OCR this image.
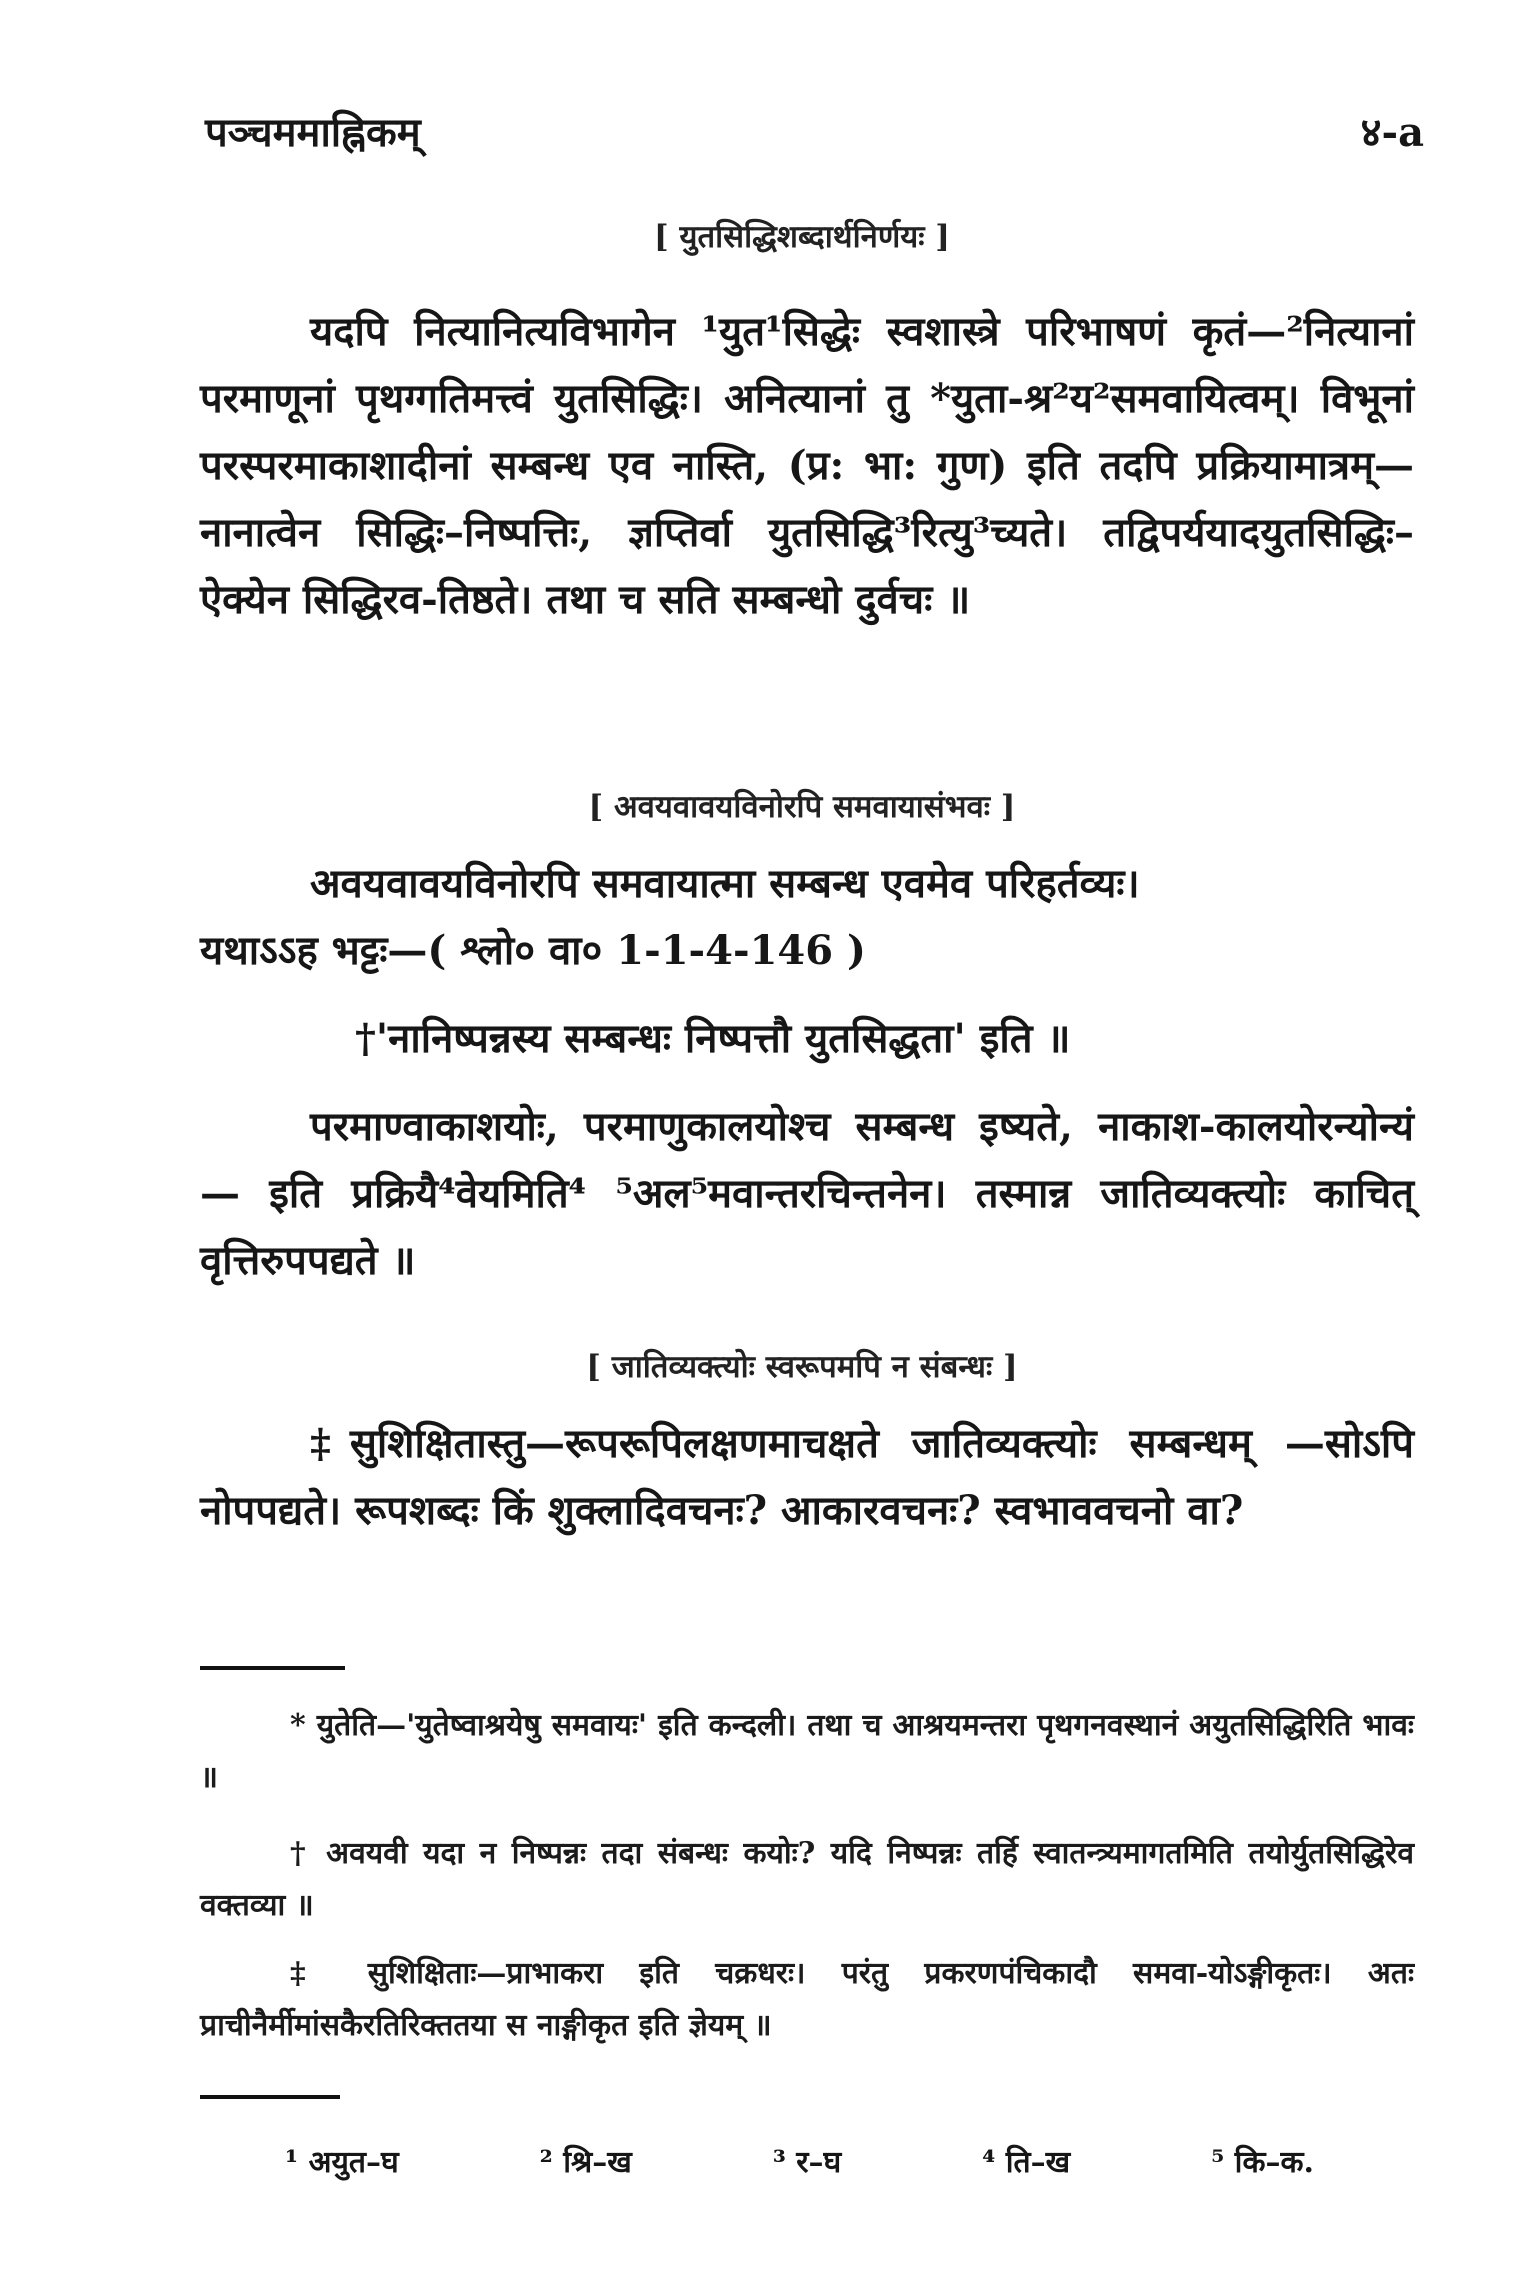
पञ्चममाह्निकम्	४-a
[ युतसिद्धिशब्दार्थनिर्णयः ]
यदपि नित्यानित्यविभागेन ¹युत¹सिद्धेः स्वशास्त्रे परिभाषणं कृतं—²नित्यानां परमाणूनां पृथग्गतिमत्त्वं युतसिद्धिः। अनित्यानां तु *युता-श्र²य²समवायित्वम्। विभूनां परस्परमाकाशादीनां सम्बन्ध एव नास्ति, (प्र: भा: गुण) इति तदपि प्रक्रियामात्रम्—नानात्वेन सिद्धिः–निष्पत्तिः, ज्ञप्तिर्वा युतसिद्धि³रित्यु³च्यते। तद्विपर्ययादयुतसिद्धिः–ऐक्येन सिद्धिरव-तिष्ठते। तथा च सति सम्बन्धो दुर्वचः ॥
[ अवयवावयविनोरपि समवायासंभवः ]
अवयवावयविनोरपि समवायात्मा सम्बन्ध एवमेव परिहर्तव्यः।
यथाऽऽह भट्टः—( श्लो० वा० 1-1-4-146 )
†'नानिष्पन्नस्य सम्बन्धः निष्पत्तौ युतसिद्धता' इति ॥
परमाण्वाकाशयोः, परमाणुकालयोश्च सम्बन्ध इष्यते, नाकाश-कालयोरन्योन्यं — इति प्रक्रियै⁴वेयमिति⁴ ⁵अल⁵मवान्तरचिन्तनेन। तस्मान्न जातिव्यक्त्योः काचित् वृत्तिरुपपद्यते ॥
[ जातिव्यक्त्योः स्वरूपमपि न संबन्धः ]
‡सुशिक्षितास्तु—रूपरूपिलक्षणमाचक्षते जातिव्यक्त्योः सम्बन्धम् —सोऽपि नोपपद्यते। रूपशब्दः किं शुक्लादिवचनः? आकारवचनः? स्वभाववचनो वा?
* युतेति—'युतेष्वाश्रयेषु समवायः' इति कन्दली। तथा च आश्रयमन्तरा पृथगनवस्थानं अयुतसिद्धिरिति भावः ॥
† अवयवी यदा न निष्पन्नः तदा संबन्धः कयोः? यदि निष्पन्नः तर्हि स्वातन्त्र्यमागतमिति तयोर्युतसिद्धिरेव वक्तव्या ॥
‡ सुशिक्षिताः—प्राभाकरा इति चक्रधरः। परंतु प्रकरणपंचिकादौ समवा-योऽङ्गीकृतः। अतः प्राचीनैर्मीमांसकैरतिरिक्ततया स नाङ्गीकृत इति ज्ञेयम् ॥
¹ अयुत–घ	² श्रि–ख	³ र–घ	⁴ ति–ख	⁵ कि–क.
